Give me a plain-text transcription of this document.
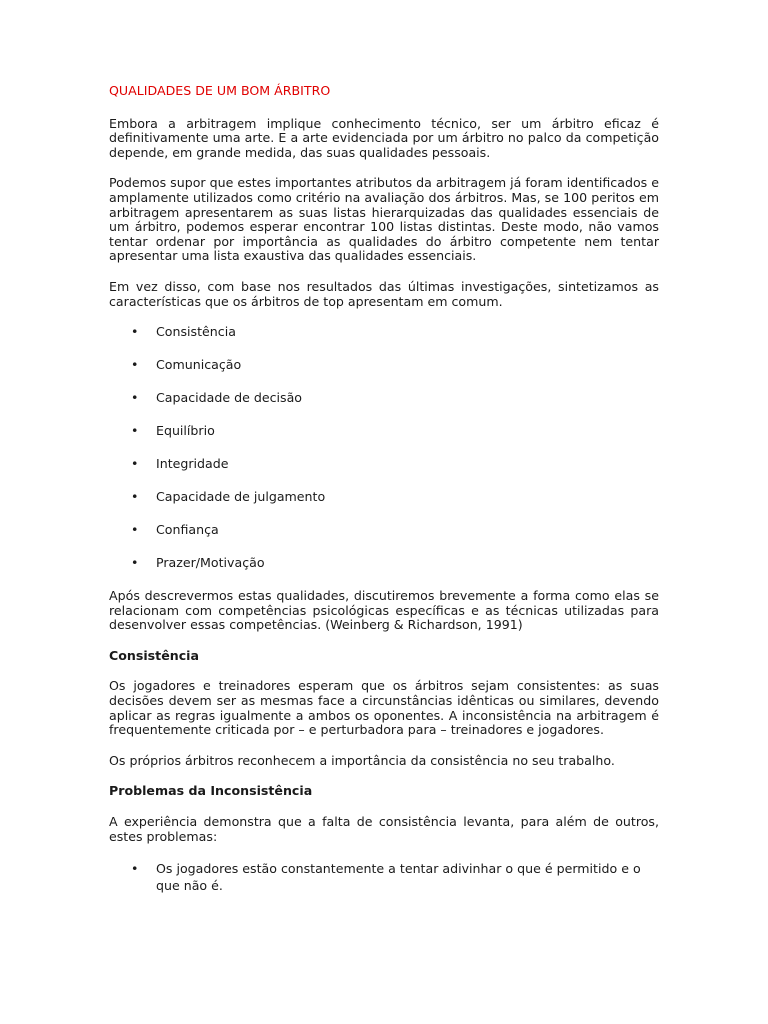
QUALIDADES DE UM BOM ÁRBITRO

Embora a arbitragem implique conhecimento técnico, ser um árbitro eficaz é definitivamente uma arte. E a arte evidenciada por um árbitro no palco da competição depende, em grande medida, das suas qualidades pessoais.

Podemos supor que estes importantes atributos da arbitragem já foram identificados e amplamente utilizados como critério na avaliação dos árbitros. Mas, se 100 peritos em arbitragem apresentarem as suas listas hierarquizadas das qualidades essenciais de um árbitro, podemos esperar encontrar 100 listas distintas. Deste modo, não vamos tentar ordenar por importância as qualidades do árbitro competente nem tentar apresentar uma lista exaustiva das qualidades essenciais.

Em vez disso, com base nos resultados das últimas investigações, sintetizamos as características que os árbitros de top apresentam em comum.

• Consistência
• Comunicação
• Capacidade de decisão
• Equilíbrio
• Integridade
• Capacidade de julgamento
• Confiança
• Prazer/Motivação

Após descrevermos estas qualidades, discutiremos brevemente a forma como elas se relacionam com competências psicológicas específicas e as técnicas utilizadas para desenvolver essas competências. (Weinberg & Richardson, 1991)

Consistência

Os jogadores e treinadores esperam que os árbitros sejam consistentes: as suas decisões devem ser as mesmas face a circunstâncias idênticas ou similares, devendo aplicar as regras igualmente a ambos os oponentes. A inconsistência na arbitragem é frequentemente criticada por – e perturbadora para – treinadores e jogadores.

Os próprios árbitros reconhecem a importância da consistência no seu trabalho.

Problemas da Inconsistência

A experiência demonstra que a falta de consistência levanta, para além de outros, estes problemas:

• Os jogadores estão constantemente a tentar adivinhar o que é permitido e o que não é.
